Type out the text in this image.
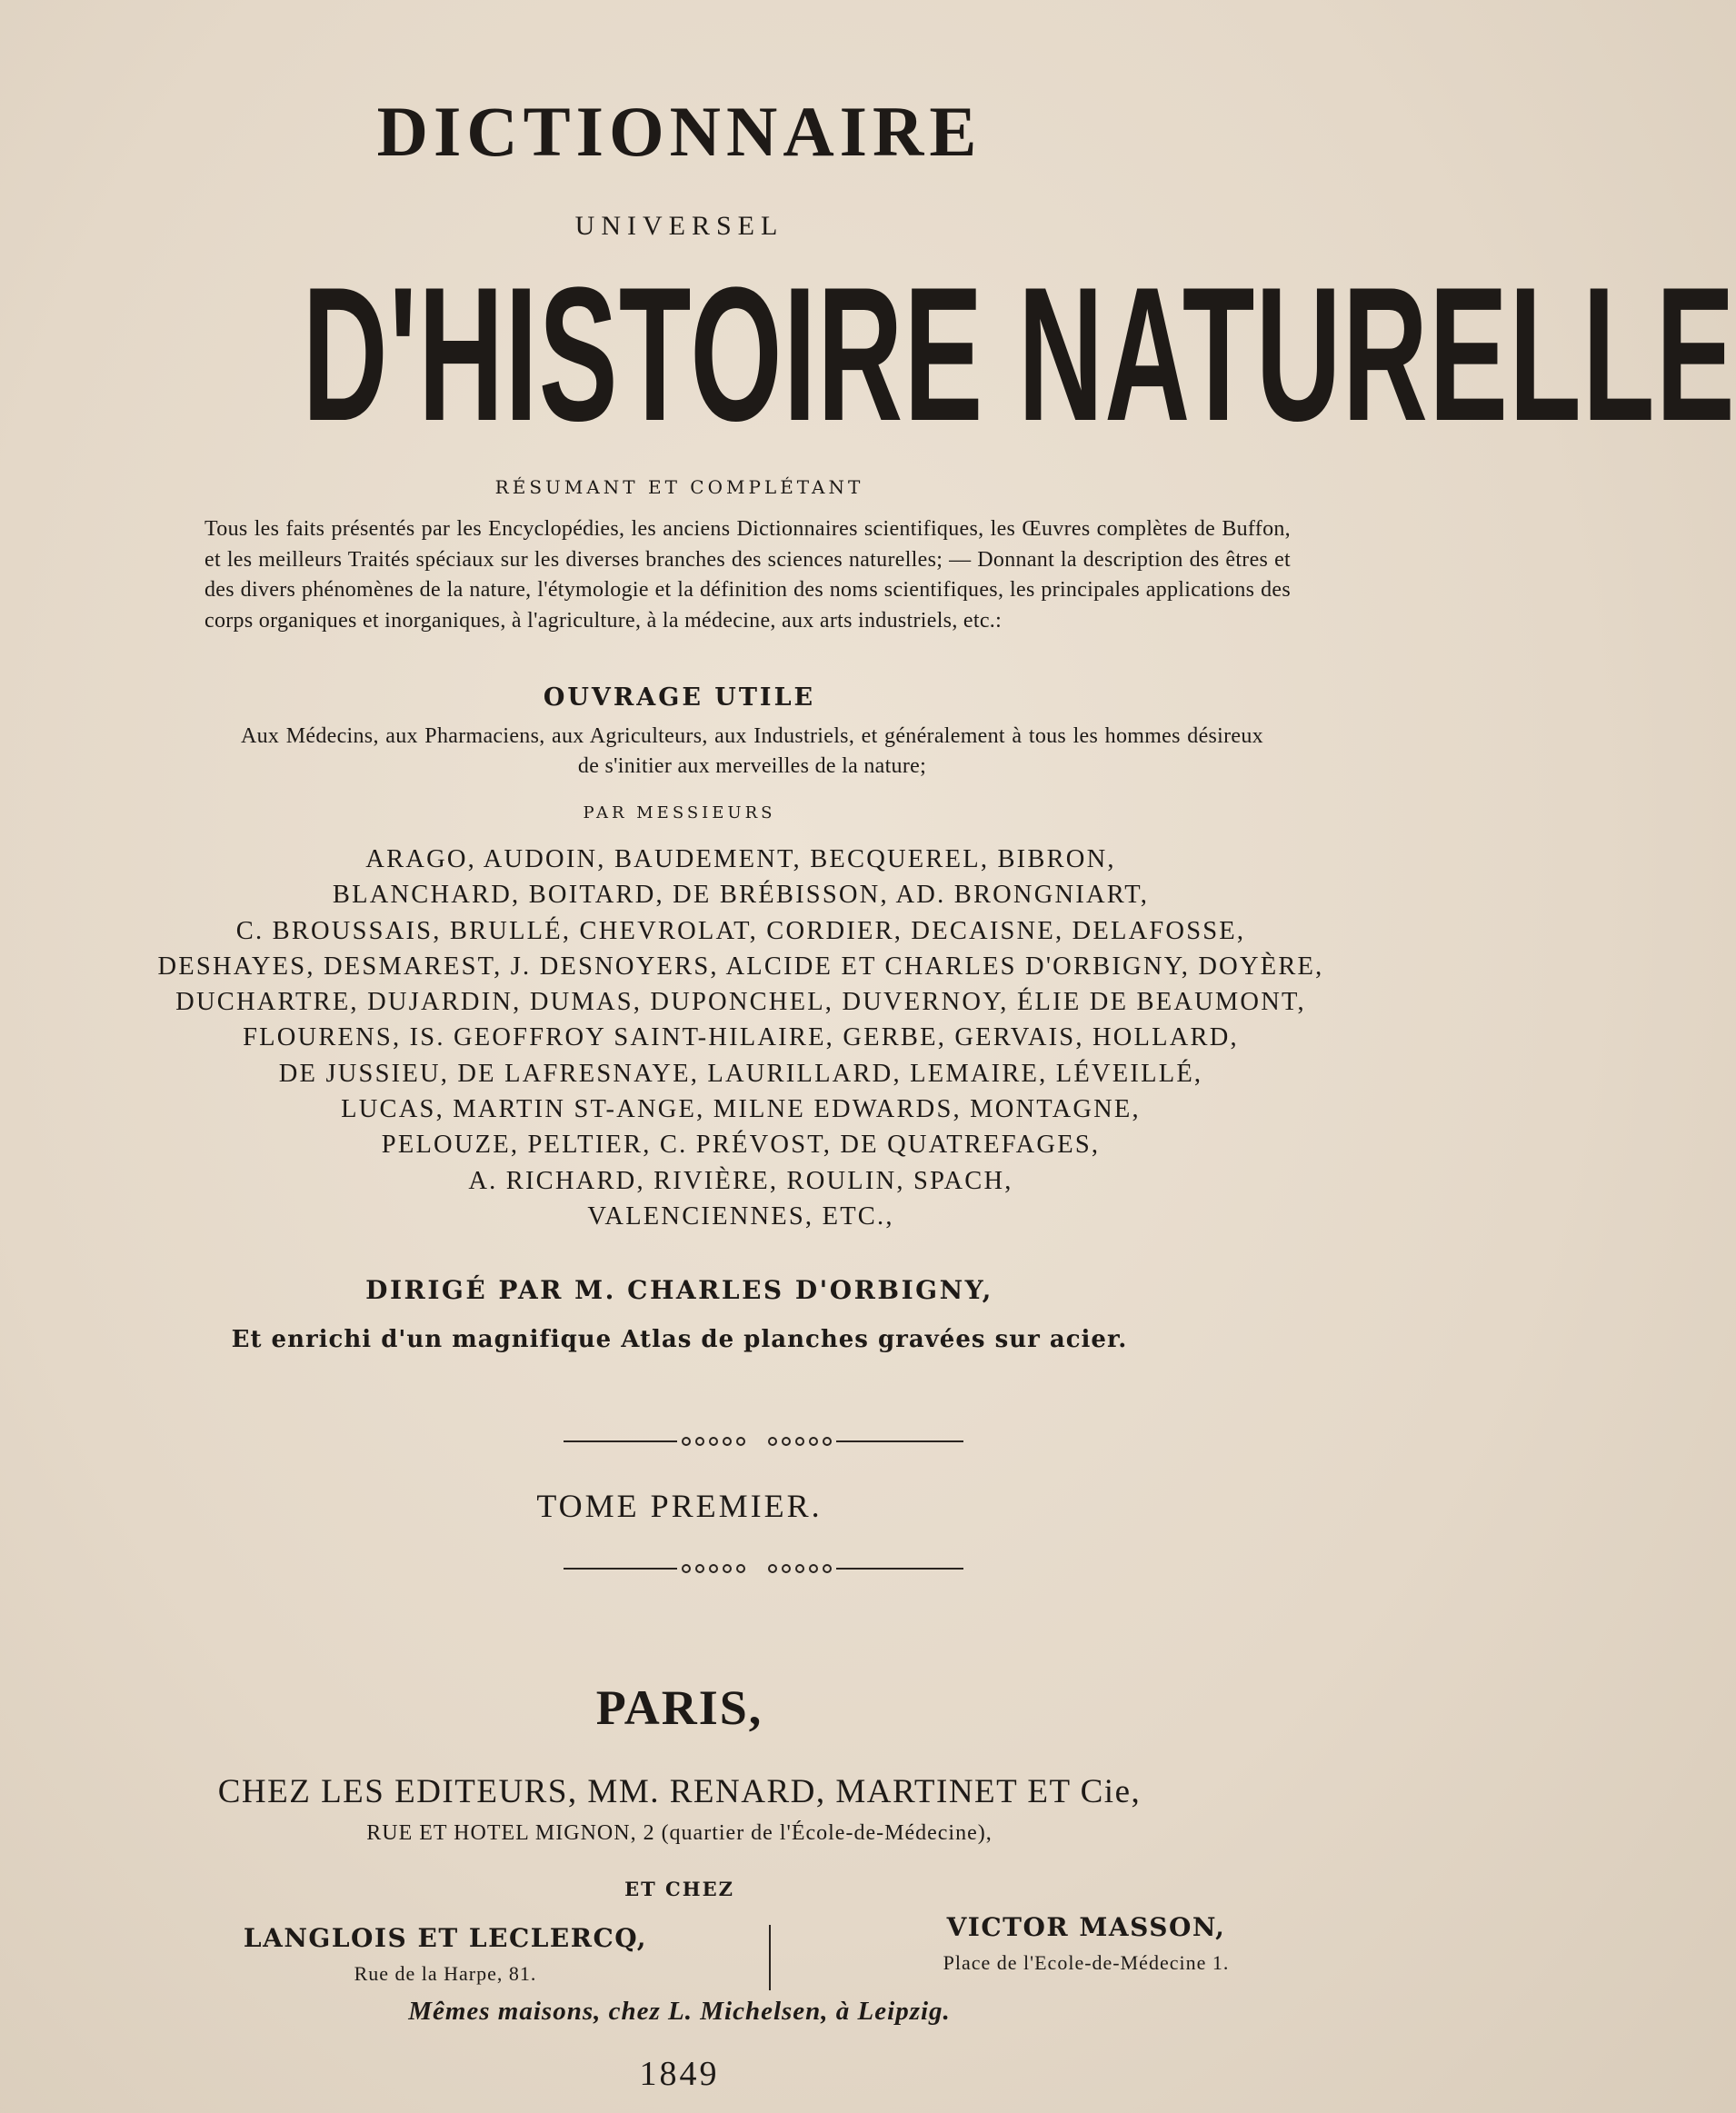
DICTIONNAIRE
UNIVERSEL
D'HISTOIRE NATURELLE
RÉSUMANT ET COMPLÉTANT
Tous les faits présentés par les Encyclopédies, les anciens Dictionnaires scientifiques, les Œuvres complètes de Buffon, et les meilleurs Traités spéciaux sur les diverses branches des sciences naturelles; — Donnant la description des êtres et des divers phénomènes de la nature, l'étymologie et la définition des noms scientifiques, les principales applications des corps organiques et inorganiques, à l'agriculture, à la médecine, aux arts industriels, etc.:
OUVRAGE UTILE
Aux Médecins, aux Pharmaciens, aux Agriculteurs, aux Industriels, et généralement à tous les hommes désireux de s'initier aux merveilles de la nature;
PAR MESSIEURS
ARAGO, AUDOIN, BAUDEMENT, BECQUEREL, BIBRON,
BLANCHARD, BOITARD, DE BRÉBISSON, AD. BRONGNIART,
C. BROUSSAIS, BRULLÉ, CHEVROLAT, CORDIER, DECAISNE, DELAFOSSE,
DESHAYES, DESMAREST, J. DESNOYERS, ALCIDE ET CHARLES D'ORBIGNY, DOYÈRE,
DUCHARTRE, DUJARDIN, DUMAS, DUPONCHEL, DUVERNOY, ÉLIE DE BEAUMONT,
FLOURENS, IS. GEOFFROY SAINT-HILAIRE, GERBE, GERVAIS, HOLLARD,
DE JUSSIEU, DE LAFRESNAYE, LAURILLARD, LEMAIRE, LÉVEILLÉ,
LUCAS, MARTIN ST-ANGE, MILNE EDWARDS, MONTAGNE,
PELOUZE, PELTIER, C. PRÉVOST, DE QUATREFAGES,
A. RICHARD, RIVIÈRE, ROULIN, SPACH,
VALENCIENNES, ETC.,
DIRIGÉ PAR M. CHARLES D'ORBIGNY,
Et enrichi d'un magnifique Atlas de planches gravées sur acier.
TOME PREMIER.
PARIS,
CHEZ LES EDITEURS, MM. RENARD, MARTINET ET Cie,
RUE ET HOTEL MIGNON, 2 (quartier de l'École-de-Médecine),
ET CHEZ
LANGLOIS ET LECLERCQ,
Rue de la Harpe, 81.
VICTOR MASSON,
Place de l'Ecole-de-Médecine 1.
Mêmes maisons, chez L. Michelsen, à Leipzig.
1849
